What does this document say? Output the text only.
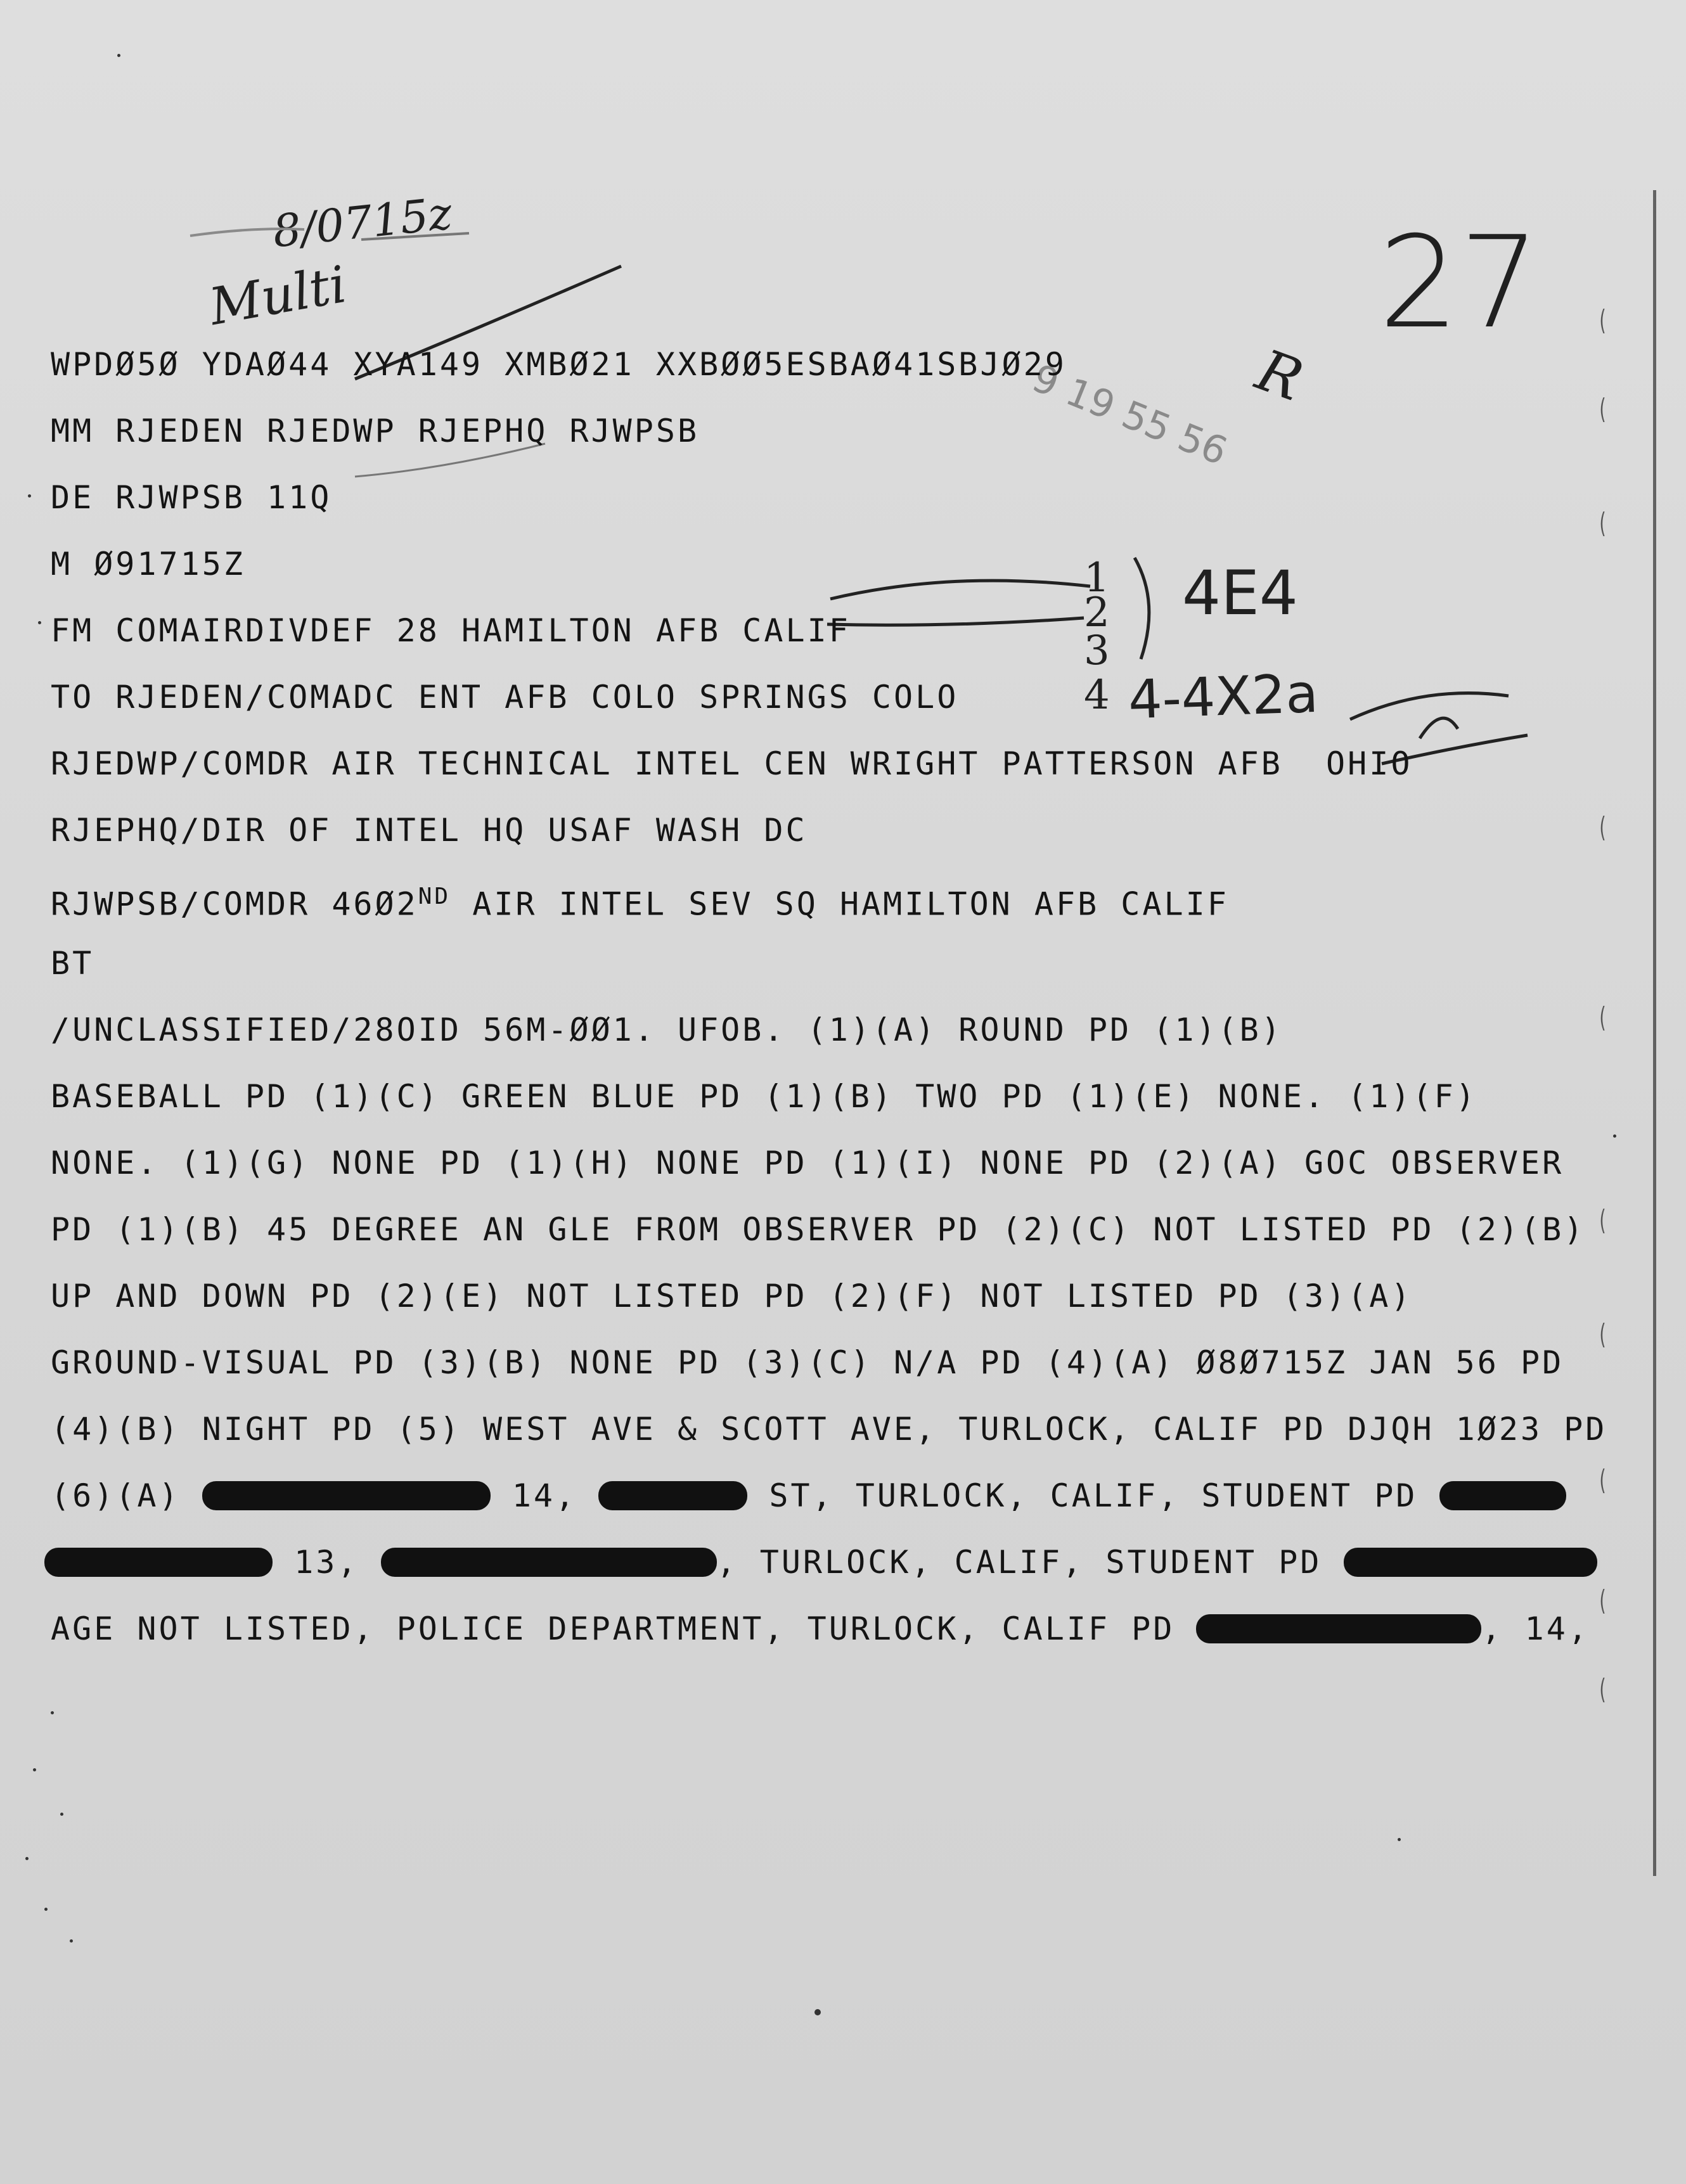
(
(
(
(
(
(
(
(
(
(
8/0715z
Multi	27
R
1
2
3
4
4E4
4-4X2a
9 19 55 56
WPDØ5Ø YDAØ44 XYA149 XMBØ21 XXBØØ5ESBAØ41SBJØ29
MM RJEDEN RJEDWP RJEPHQ RJWPSB
DE RJWPSB 11Q
M Ø91715Z
FM COMAIRDIVDEF 28 HAMILTON AFB CALIF
TO RJEDEN/COMADC ENT AFB COLO SPRINGS COLO
RJEDWP/COMDR AIR TECHNICAL INTEL CEN WRIGHT PATTERSON AFB  OHIO
RJEPHQ/DIR OF INTEL HQ USAF WASH DC
RJWPSB/COMDR 46Ø2ND AIR INTEL SEV SQ HAMILTON AFB CALIF
BT
/UNCLASSIFIED/28OID 56M-ØØ1. UFOB. (1)(A) ROUND PD (1)(B)
BASEBALL PD (1)(C) GREEN BLUE PD (1)(B) TWO PD (1)(E) NONE. (1)(F)
NONE. (1)(G) NONE PD (1)(H) NONE PD (1)(I) NONE PD (2)(A) GOC OBSERVER
PD (1)(B) 45 DEGREE AN GLE FROM OBSERVER PD (2)(C) NOT LISTED PD (2)(B)
UP AND DOWN PD (2)(E) NOT LISTED PD (2)(F) NOT LISTED PD (3)(A)
GROUND-VISUAL PD (3)(B) NONE PD (3)(C) N/A PD (4)(A) Ø8Ø715Z JAN 56 PD
(4)(B) NIGHT PD (5) WEST AVE & SCOTT AVE, TURLOCK, CALIF PD DJQH 1Ø23 PD
(6)(A)	14,	ST, TURLOCK, CALIF, STUDENT PD
13,	, TURLOCK, CALIF, STUDENT PD
AGE NOT LISTED, POLICE DEPARTMENT, TURLOCK, CALIF PD	, 14,
